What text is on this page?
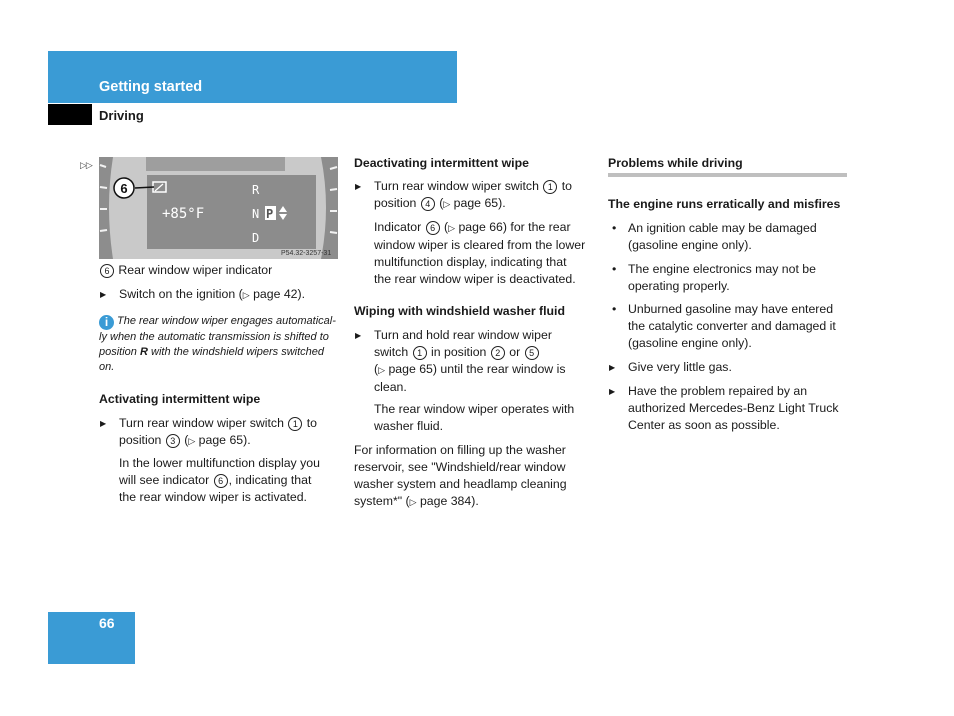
Getting started
Driving
▷▷
6
+85°F
R
N P
D
P54.32-3257-31

6 Rear window wiper indicator

▶ Switch on the ignition (▷ page 42).

i The rear window wiper engages automatical-
ly when the automatic transmission is shifted to
position R with the windshield wipers switched
on.
Activating intermittent wipe

▶ Turn rear window wiper switch 1 to

position 3 (▷ page 65).

In the lower multifunction display you

will see indicator 6 , indicating that

the rear window wiper is activated.

Deactivating intermittent wipe

▶ Turn rear window wiper switch 1 to

position 4 (▷ page 65).

Indicator 6 (▷ page 66) for the rear

window wiper is cleared from the lower

multifunction display, indicating that

the rear window wiper is deactivated.

Wiping with windshield washer fluid

▶ Turn and hold rear window wiper

switch 1 in position 2 or 5

(▷ page 65) until the rear window is

clean.

The rear window wiper operates with

washer fluid.

For information on filling up the washer

reservoir, see "Windshield/rear window

washer system and headlamp cleaning

system*" (▷ page 384).

Problems while driving
The engine runs erratically and misfires

• An ignition cable may be damaged

(gasoline engine only).

• The engine electronics may not be

operating properly.

• Unburned gasoline may have entered

the catalytic converter and damaged it

(gasoline engine only).

▶ Give very little gas.

▶ Have the problem repaired by an

authorized Mercedes-Benz Light Truck

Center as soon as possible.

66
